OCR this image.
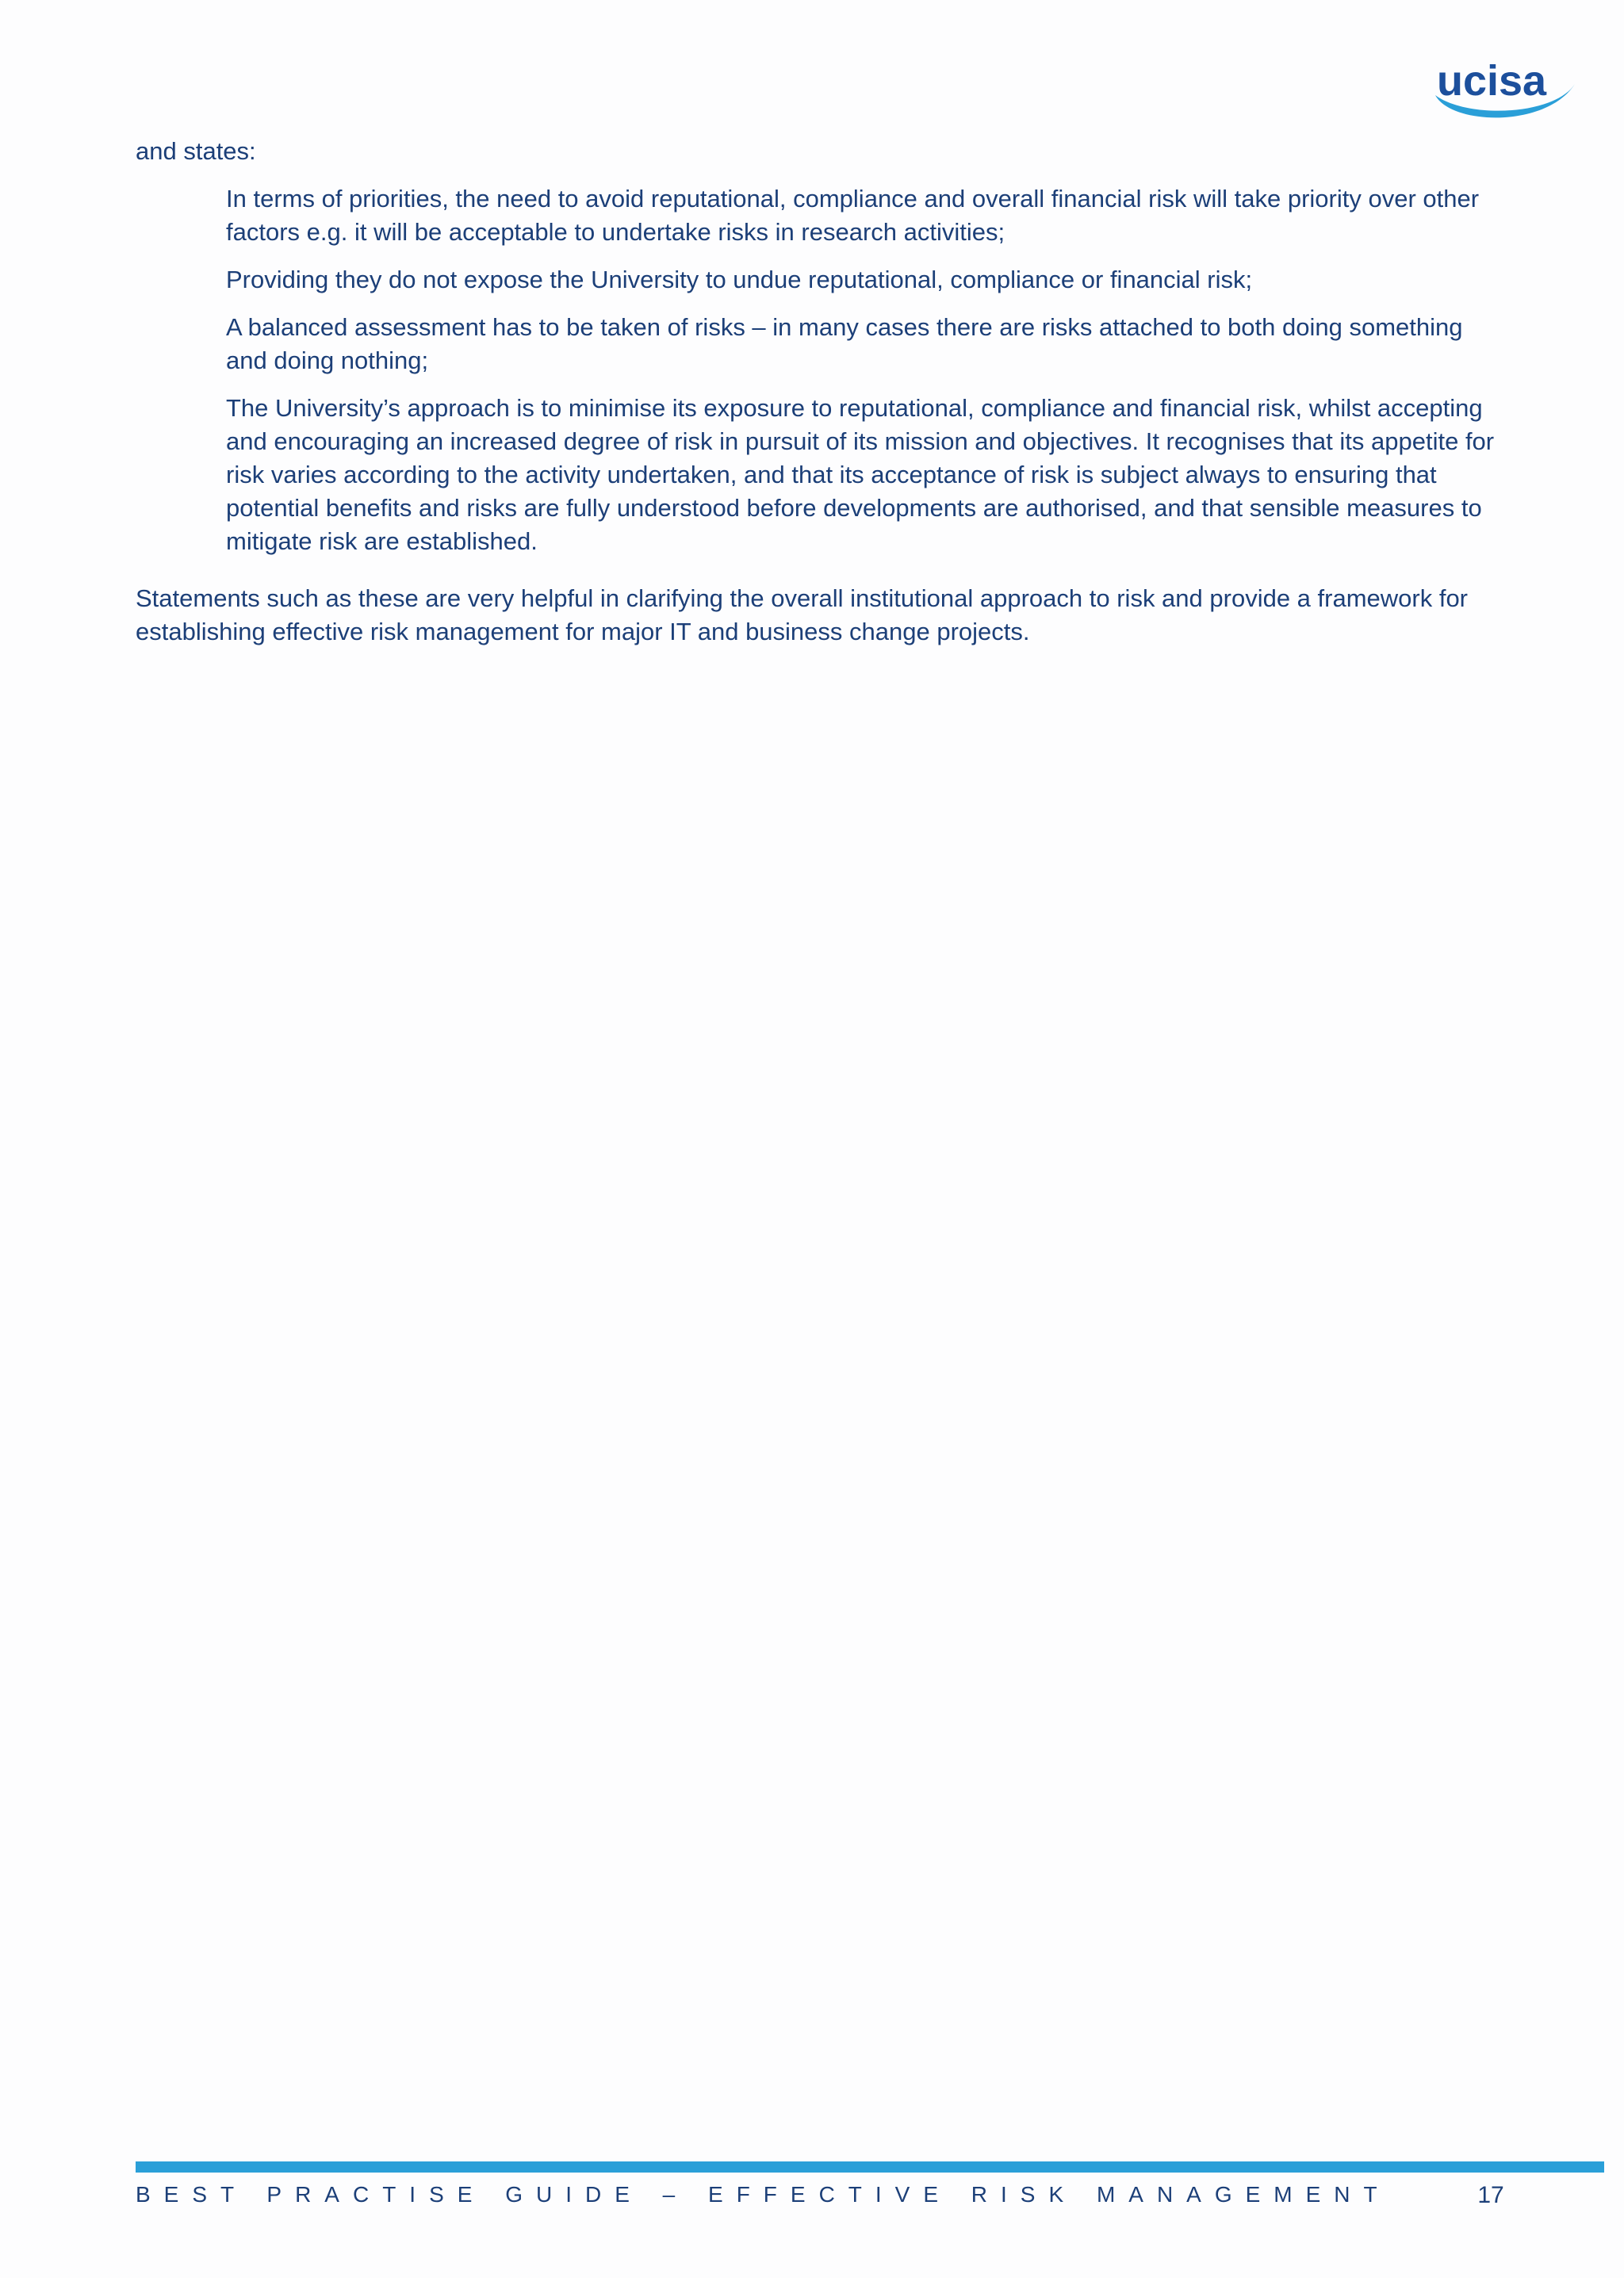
ucisa

and states:

In terms of priorities, the need to avoid reputational, compliance and overall financial risk will take priority over other factors e.g. it will be acceptable to undertake risks in research activities;

Providing they do not expose the University to undue reputational, compliance or financial risk;

A balanced assessment has to be taken of risks – in many cases there are risks attached to both doing something and doing nothing;

The University’s approach is to minimise its exposure to reputational, compliance and financial risk, whilst accepting and encouraging an increased degree of risk in pursuit of its mission and objectives. It recognises that its appetite for risk varies according to the activity undertaken, and that its acceptance of risk is subject always to ensuring that potential benefits and risks are fully understood before developments are authorised, and that sensible measures to mitigate risk are established.

Statements such as these are very helpful in clarifying the overall institutional approach to risk and provide a framework for establishing effective risk management for major IT and business change projects.

BEST PRACTISE GUIDE – EFFECTIVE RISK MANAGEMENT	17
